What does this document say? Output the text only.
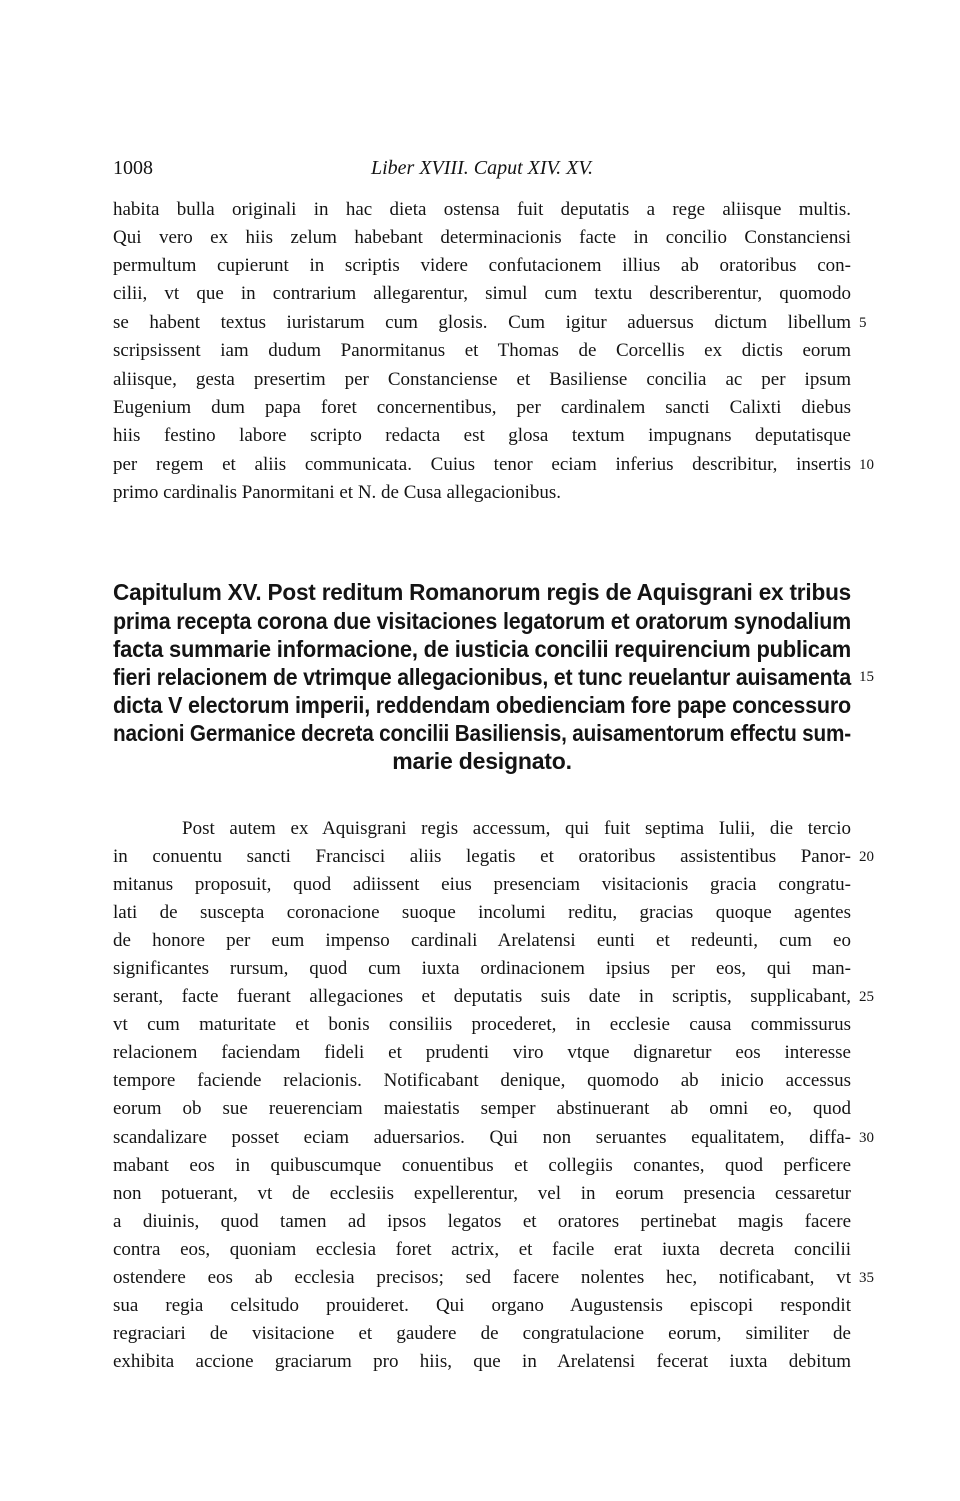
1008	Liber XVIII. Caput XIV. XV.
habita bulla originali in hac dieta ostensa fuit deputatis a rege aliisque multis.
Qui vero ex hiis zelum habebant determinacionis facte in concilio Constanciensi
permultum cupierunt in scriptis videre confutacionem illius ab oratoribus con-
cilii, vt que in contrarium allegarentur, simul cum textu describerentur, quomodo
se habent textus iuristarum cum glosis. Cum igitur aduersus dictum libellum
scripsissent iam dudum Panormitanus et Thomas de Corcellis ex dictis eorum
aliisque, gesta presertim per Constanciense et Basiliense concilia ac per ipsum
Eugenium dum papa foret concernentibus, per cardinalem sancti Calixti diebus
hiis festino labore scripto redacta est glosa textum impugnans deputatisque
per regem et aliis communicata. Cuius tenor eciam inferius describitur, insertis
primo cardinalis Panormitani et N. de Cusa allegacionibus.
5
10
Capitulum XV. Post reditum Romanorum regis de Aquisgrani ex tribus
prima recepta corona due visitaciones legatorum et oratorum synodalium
facta summarie informacione, de iusticia concilii requirencium publicam
fieri relacionem de vtrimque allegacionibus, et tunc reuelantur auisamenta
dicta V electorum imperii, reddendam obedienciam fore pape concessuro
nacioni Germanice decreta concilii Basiliensis, auisamentorum effectu sum-
marie designato.
15
Post autem ex Aquisgrani regis accessum, qui fuit septima Iulii, die tercio
in conuentu sancti Francisci aliis legatis et oratoribus assistentibus Panor-
mitanus proposuit, quod adiissent eius presenciam visitacionis gracia congratu-
lati de suscepta coronacione suoque incolumi reditu, gracias quoque agentes
de honore per eum impenso cardinali Arelatensi eunti et redeunti, cum eo
significantes rursum, quod cum iuxta ordinacionem ipsius per eos, qui man-
serant, facte fuerant allegaciones et deputatis suis date in scriptis, supplicabant,
vt cum maturitate et bonis consiliis procederet, in ecclesie causa commissurus
relacionem faciendam fideli et prudenti viro vtque dignaretur eos interesse
tempore faciende relacionis. Notificabant denique, quomodo ab inicio accessus
eorum ob sue reuerenciam maiestatis semper abstinuerant ab omni eo, quod
scandalizare posset eciam aduersarios. Qui non seruantes equalitatem, diffa-
mabant eos in quibuscumque conuentibus et collegiis conantes, quod perficere
non potuerant, vt de ecclesiis expellerentur, vel in eorum presencia cessaretur
a diuinis, quod tamen ad ipsos legatos et oratores pertinebat magis facere
contra eos, quoniam ecclesia foret actrix, et facile erat iuxta decreta concilii
ostendere eos ab ecclesia precisos; sed facere nolentes hec, notificabant, vt
sua regia celsitudo prouideret. Qui organo Augustensis episcopi respondit
regraciari de visitacione et gaudere de congratulacione eorum, similiter de
exhibita accione graciarum pro hiis, que in Arelatensi fecerat iuxta debitum
20
25
30
35
